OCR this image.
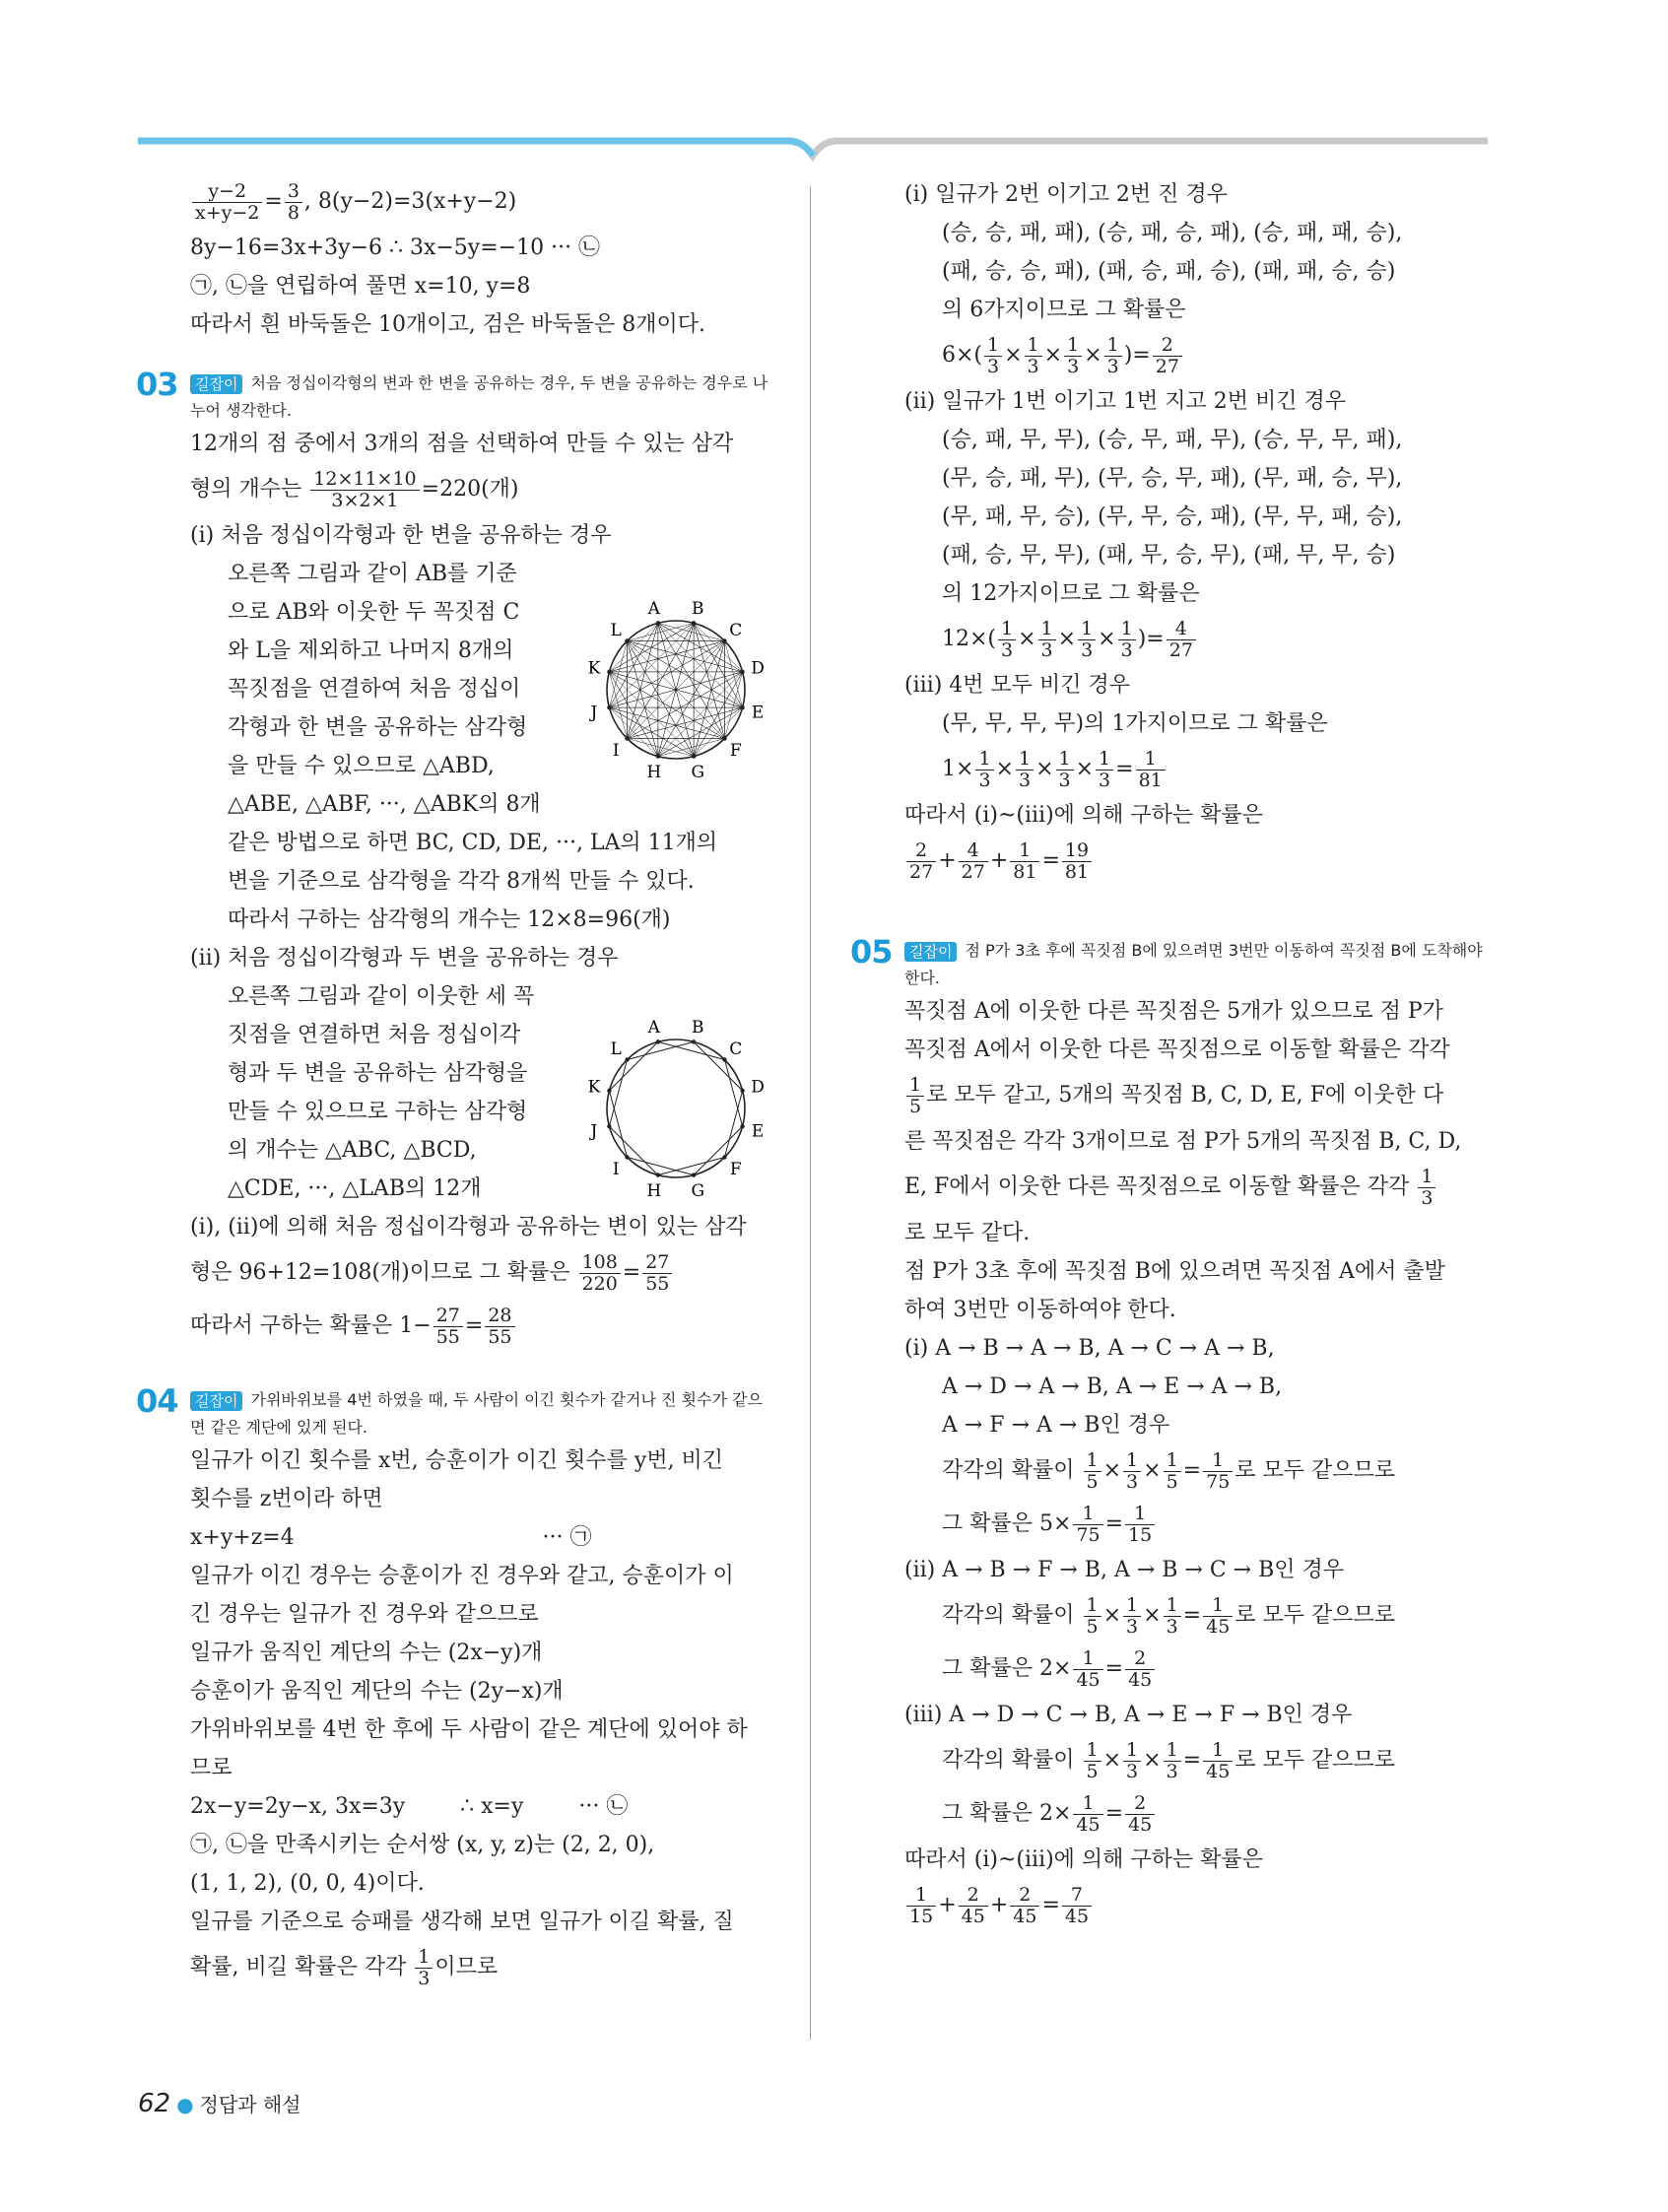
$\frac{y-2}{x+y-2} = \frac{3}{8}$ , 8(y−2)=3(x+y−2)
8y−16=3x+3y−6 ∴ 3x−5y=−10 ··· ㉡
㉠, ㉡을 연립하여 풀면 x=10, y=8
따라서 흰 바둑돌은 10개이고, 검은 바둑돌은 8개이다.
03	길잡이 처음 정십이각형의 변과 한 변을 공유하는 경우, 두 변을 공유하는 경우로 나누어 생각한다.
12개의 점 중에서 3개의 점을 선택하여 만들 수 있는 삼각
형의 개수는 $\frac{12\times 11\times 10}{3\times 2\times 1} =220$(개)
(ⅰ) 처음 정십이각형과 한 변을 공유하는 경우
오른쪽 그림과 같이 AB를 기준
으로 AB와 이웃한 두 꼭짓점 C
와 L을 제외하고 나머지 8개의
꼭짓점을 연결하여 처음 정십이
각형과 한 변을 공유하는 삼각형
을 만들 수 있으므로 △ABD,
△ABE, △ABF, ···, △ABK의 8개
같은 방법으로 하면 BC, CD, DE, ···, LA의 11개의
변을 기준으로 삼각형을 각각 8개씩 만들 수 있다.
따라서 구하는 삼각형의 개수는 12×8=96(개)
(ⅱ) 처음 정십이각형과 두 변을 공유하는 경우
오른쪽 그림과 같이 이웃한 세 꼭
짓점을 연결하면 처음 정십이각
형과 두 변을 공유하는 삼각형을
만들 수 있으므로 구하는 삼각형
의 개수는 △ABC, △BCD,
△CDE, ···, △LAB의 12개
(ⅰ), (ⅱ)에 의해 처음 정십이각형과 공유하는 변이 있는 삼각
형은 96+12=108(개)이므로 그 확률은 $\frac{108}{220} = \frac{27}{55}$
따라서 구하는 확률은 $1- \frac{27}{55} = \frac{28}{55}$
04	길잡이 가위바위보를 4번 하였을 때, 두 사람이 이긴 횟수가 같거나 진 횟수가 같으면 같은 계단에 있게 된다.
일규가 이긴 횟수를 x번, 승훈이가 이긴 횟수를 y번, 비긴
횟수를 z번이라 하면
x+y+z=4                                    ··· ㉠
일규가 이긴 경우는 승훈이가 진 경우와 같고, 승훈이가 이
긴 경우는 일규가 진 경우와 같으므로
일규가 움직인 계단의 수는 (2x−y)개
승훈이가 움직인 계단의 수는 (2y−x)개
가위바위보를 4번 한 후에 두 사람이 같은 계단에 있어야 하
므로
2x−y=2y−x, 3x=3y        ∴ x=y        ··· ㉡
㉠, ㉡을 만족시키는 순서쌍 (x, y, z)는 (2, 2, 0),
(1, 1, 2), (0, 0, 4)이다.
일규를 기준으로 승패를 생각해 보면 일규가 이길 확률, 질
확률, 비길 확률은 각각 $\frac{1}{3}$ 이므로
A B
C
D
E
F
G
H
I
J
K
L
A B
C
D
E
F
G
H
I
J
K
L
(ⅰ) 일규가 2번 이기고 2번 진 경우
(승, 승, 패, 패), (승, 패, 승, 패), (승, 패, 패, 승),
(패, 승, 승, 패), (패, 승, 패, 승), (패, 패, 승, 승)
의 6가지이므로 그 확률은
$6\times( \frac{1}{3} \times \frac{1}{3} \times \frac{1}{3} \times \frac{1}{3}$ )= $\frac{2}{27}$
(ⅱ) 일규가 1번 이기고 1번 지고 2번 비긴 경우
(승, 패, 무, 무), (승, 무, 패, 무), (승, 무, 무, 패),
(무, 승, 패, 무), (무, 승, 무, 패), (무, 패, 승, 무),
(무, 패, 무, 승), (무, 무, 승, 패), (무, 무, 패, 승),
(패, 승, 무, 무), (패, 무, 승, 무), (패, 무, 무, 승)
의 12가지이므로 그 확률은
$12\times( \frac{1}{3} \times \frac{1}{3} \times \frac{1}{3} \times \frac{1}{3}$ )= $\frac{4}{27}$
(ⅲ) 4번 모두 비긴 경우
(무, 무, 무, 무)의 1가지이므로 그 확률은
$1\times \frac{1}{3} \times \frac{1}{3} \times \frac{1}{3} \times \frac{1}{3} = \frac{1}{81}$
따라서 (ⅰ)~(ⅲ)에 의해 구하는 확률은
$\frac{2}{27} + \frac{4}{27} + \frac{1}{81} = \frac{19}{81}$
05	길잡이 점 P가 3초 후에 꼭짓점 B에 있으려면 3번만 이동하여 꼭짓점 B에 도착해야 한다.
꼭짓점 A에 이웃한 다른 꼭짓점은 5개가 있으므로 점 P가
꼭짓점 A에서 이웃한 다른 꼭짓점으로 이동할 확률은 각각
$\frac{1}{5}$ 로 모두 같고, 5개의 꼭짓점 B, C, D, E, F에 이웃한 다
른 꼭짓점은 각각 3개이므로 점 P가 5개의 꼭짓점 B, C, D,
E, F에서 이웃한 다른 꼭짓점으로 이동할 확률은 각각 $\frac{1}{3}$
로 모두 같다.
점 P가 3초 후에 꼭짓점 B에 있으려면 꼭짓점 A에서 출발
하여 3번만 이동하여야 한다.
(ⅰ) A → B → A → B, A → C → A → B,
A → D → A → B, A → E → A → B,
A → F → A → B인 경우
각각의 확률이 $\frac{1}{5} \times \frac{1}{3} \times \frac{1}{5} = \frac{1}{75}$ 로 모두 같으므로
그 확률은 $5\times \frac{1}{75} = \frac{1}{15}$
(ⅱ) A → B → F → B, A → B → C → B인 경우
각각의 확률이 $\frac{1}{5} \times \frac{1}{3} \times \frac{1}{3} = \frac{1}{45}$ 로 모두 같으므로
그 확률은 $2\times \frac{1}{45} = \frac{2}{45}$
(ⅲ) A → D → C → B, A → E → F → B인 경우
각각의 확률이 $\frac{1}{5} \times \frac{1}{3} \times \frac{1}{3} = \frac{1}{45}$ 로 모두 같으므로
그 확률은 $2\times \frac{1}{45} = \frac{2}{45}$
따라서 (ⅰ)~(ⅲ)에 의해 구하는 확률은
$\frac{1}{15} + \frac{2}{45} + \frac{2}{45} = \frac{7}{45}$
62 ● 정답과 해설
